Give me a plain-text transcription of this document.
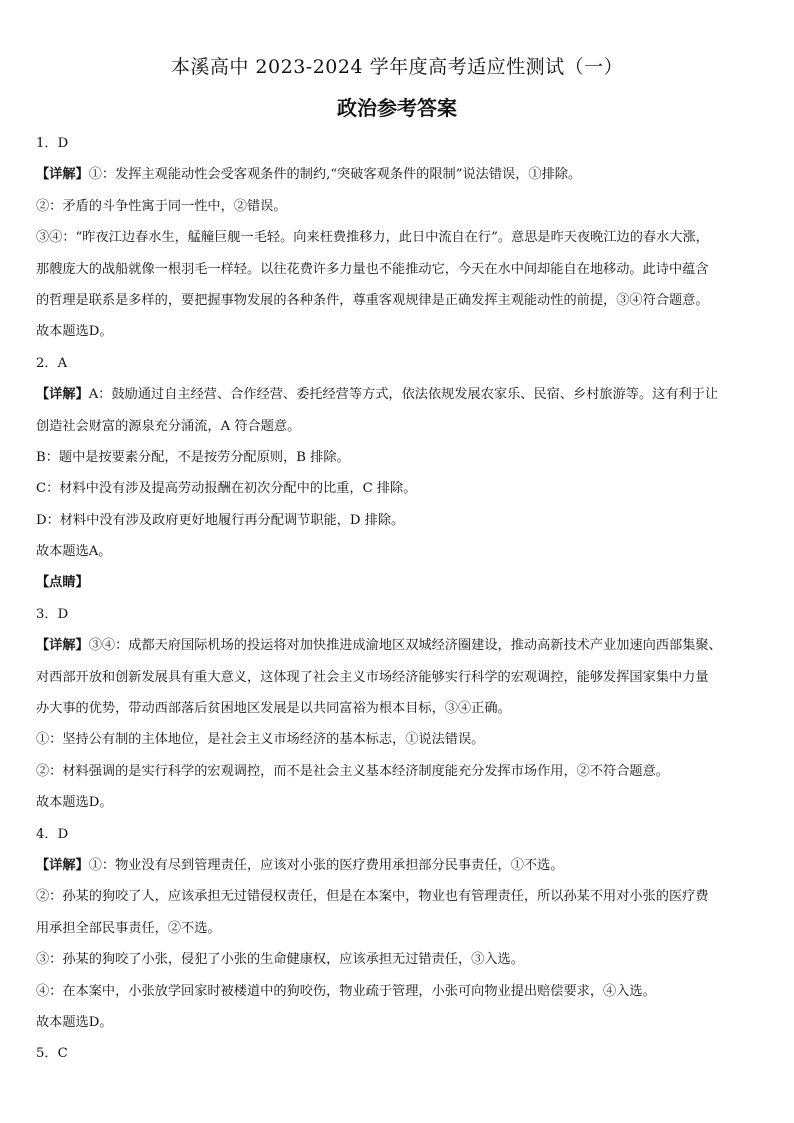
本溪高中 2023-2024 学年度高考适应性测试（一）
政治参考答案
1．D
【详解】①：发挥主观能动性会受客观条件的制约,“突破客观条件的限制”说法错误，①排除。
②：矛盾的斗争性寓于同一性中，②错误。
③④：“昨夜江边春水生，艋艟巨舰一毛轻。向来枉费推移力，此日中流自在行”。意思是昨天夜晚江边的春水大涨，
那艘庞大的战船就像一根羽毛一样轻。以往花费许多力量也不能推动它，今天在水中间却能自在地移动。此诗中蕴含
的哲理是联系是多样的，要把握事物发展的各种条件，尊重客观规律是正确发挥主观能动性的前提，③④符合题意。
故本题选D。
2．A
【详解】A：鼓励通过自主经营、合作经营、委托经营等方式，依法依规发展农家乐、民宿、乡村旅游等。这有利于让
创造社会财富的源泉充分涌流，A 符合题意。
B：题中是按要素分配，不是按劳分配原则，B 排除。
C：材料中没有涉及提高劳动报酬在初次分配中的比重，C 排除。
D：材料中没有涉及政府更好地履行再分配调节职能，D 排除。
故本题选A。
【点睛】
3．D
【详解】③④：成都天府国际机场的投运将对加快推进成渝地区双城经济圈建设，推动高新技术产业加速向西部集聚、
对西部开放和创新发展具有重大意义，这体现了社会主义市场经济能够实行科学的宏观调控，能够发挥国家集中力量
办大事的优势，带动西部落后贫困地区发展是以共同富裕为根本目标，③④正确。
①：坚持公有制的主体地位，是社会主义市场经济的基本标志，①说法错误。
②：材料强调的是实行科学的宏观调控，而不是社会主义基本经济制度能充分发挥市场作用，②不符合题意。
故本题选D。
4．D
【详解】①：物业没有尽到管理责任，应该对小张的医疗费用承担部分民事责任，①不选。
②：孙某的狗咬了人，应该承担无过错侵权责任，但是在本案中，物业也有管理责任，所以孙某不用对小张的医疗费
用承担全部民事责任，②不选。
③：孙某的狗咬了小张，侵犯了小张的生命健康权，应该承担无过错责任，③入选。
④：在本案中，小张放学回家时被楼道中的狗咬伤，物业疏于管理，小张可向物业提出赔偿要求，④入选。
故本题选D。
5．C
